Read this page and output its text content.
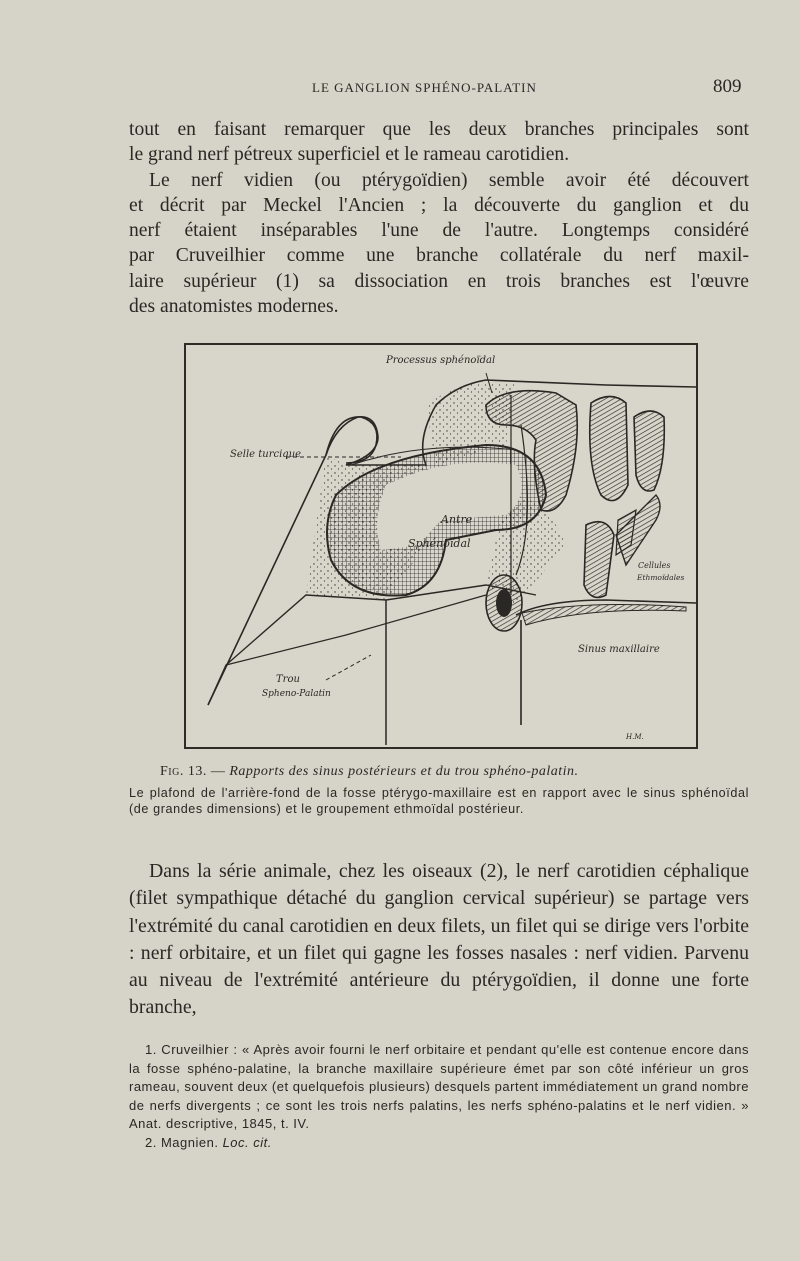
LE GANGLION SPHÉNO-PALATIN	809
tout en faisant remarquer que les deux branches principales sont
le grand nerf pétreux superficiel et le rameau carotidien.
Le nerf vidien (ou ptérygoïdien) semble avoir été découvert
et décrit par Meckel l'Ancien ; la découverte du ganglion et du
nerf étaient inséparables l'une de l'autre. Longtemps considéré
par Cruveilhier comme une branche collatérale du nerf maxil-
laire supérieur (1) sa dissociation en trois branches est l'œuvre
des anatomistes modernes.
Processus sphénoïdal
Selle turcique
Antre
Sphénoïdal
Cellules
Ethmoïdales
Sinus maxillaire
Trou
Spheno-Palatin
H.M.
Fig. 13. — Rapports des sinus postérieurs et du trou sphéno-palatin.

Le plafond de l'arrière-fond de la fosse ptérygo-maxillaire est en rapport avec le sinus sphénoïdal (de grandes dimensions) et le groupement ethmoïdal postérieur.

Dans la série animale, chez les oiseaux (2), le nerf carotidien céphalique (filet sympathique détaché du ganglion cervical supérieur) se partage vers l'extrémité du canal carotidien en deux filets, un filet qui se dirige vers l'orbite : nerf orbitaire, et un filet qui gagne les fosses nasales : nerf vidien. Parvenu au niveau de l'extrémité antérieure du ptérygoïdien, il donne une forte branche,

1. Cruveilhier : « Après avoir fourni le nerf orbitaire et pendant qu'elle est contenue encore dans la fosse sphéno-palatine, la branche maxillaire supérieure émet par son côté inférieur un gros rameau, souvent deux (et quelquefois plusieurs) desquels partent immédiatement un grand nombre de nerfs divergents ; ce sont les trois nerfs palatins, les nerfs sphéno-palatins et le nerf vidien. » Anat. descriptive, 1845, t. IV.

2. Magnien. Loc. cit.
